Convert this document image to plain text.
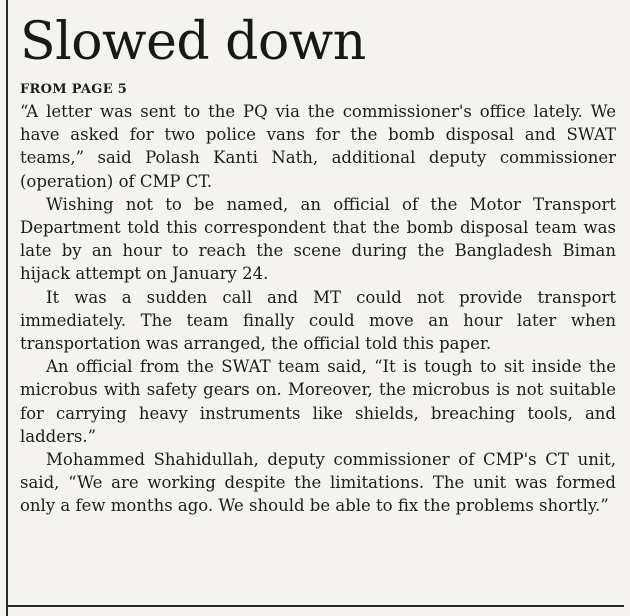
Slowed down
FROM PAGE 5

“A letter was sent to the PQ via the commissioner's office lately. We have asked for two police vans for the bomb disposal and SWAT teams,” said Polash Kanti Nath, additional deputy commissioner (operation) of CMP CT.

Wishing not to be named, an official of the Motor Transport Department told this correspondent that the bomb disposal team was late by an hour to reach the scene during the Bangladesh Biman hijack attempt on January 24.

It was a sudden call and MT could not provide transport immediately. The team finally could move an hour later when transportation was arranged, the official told this paper.

An official from the SWAT team said, “It is tough to sit inside the microbus with safety gears on. Moreover, the microbus is not suitable for carrying heavy instruments like shields, breaching tools, and ladders.”

Mohammed Shahidullah, deputy commissioner of CMP's CT unit, said, “We are working despite the limitations. The unit was formed only a few months ago. We should be able to fix the problems shortly.”
